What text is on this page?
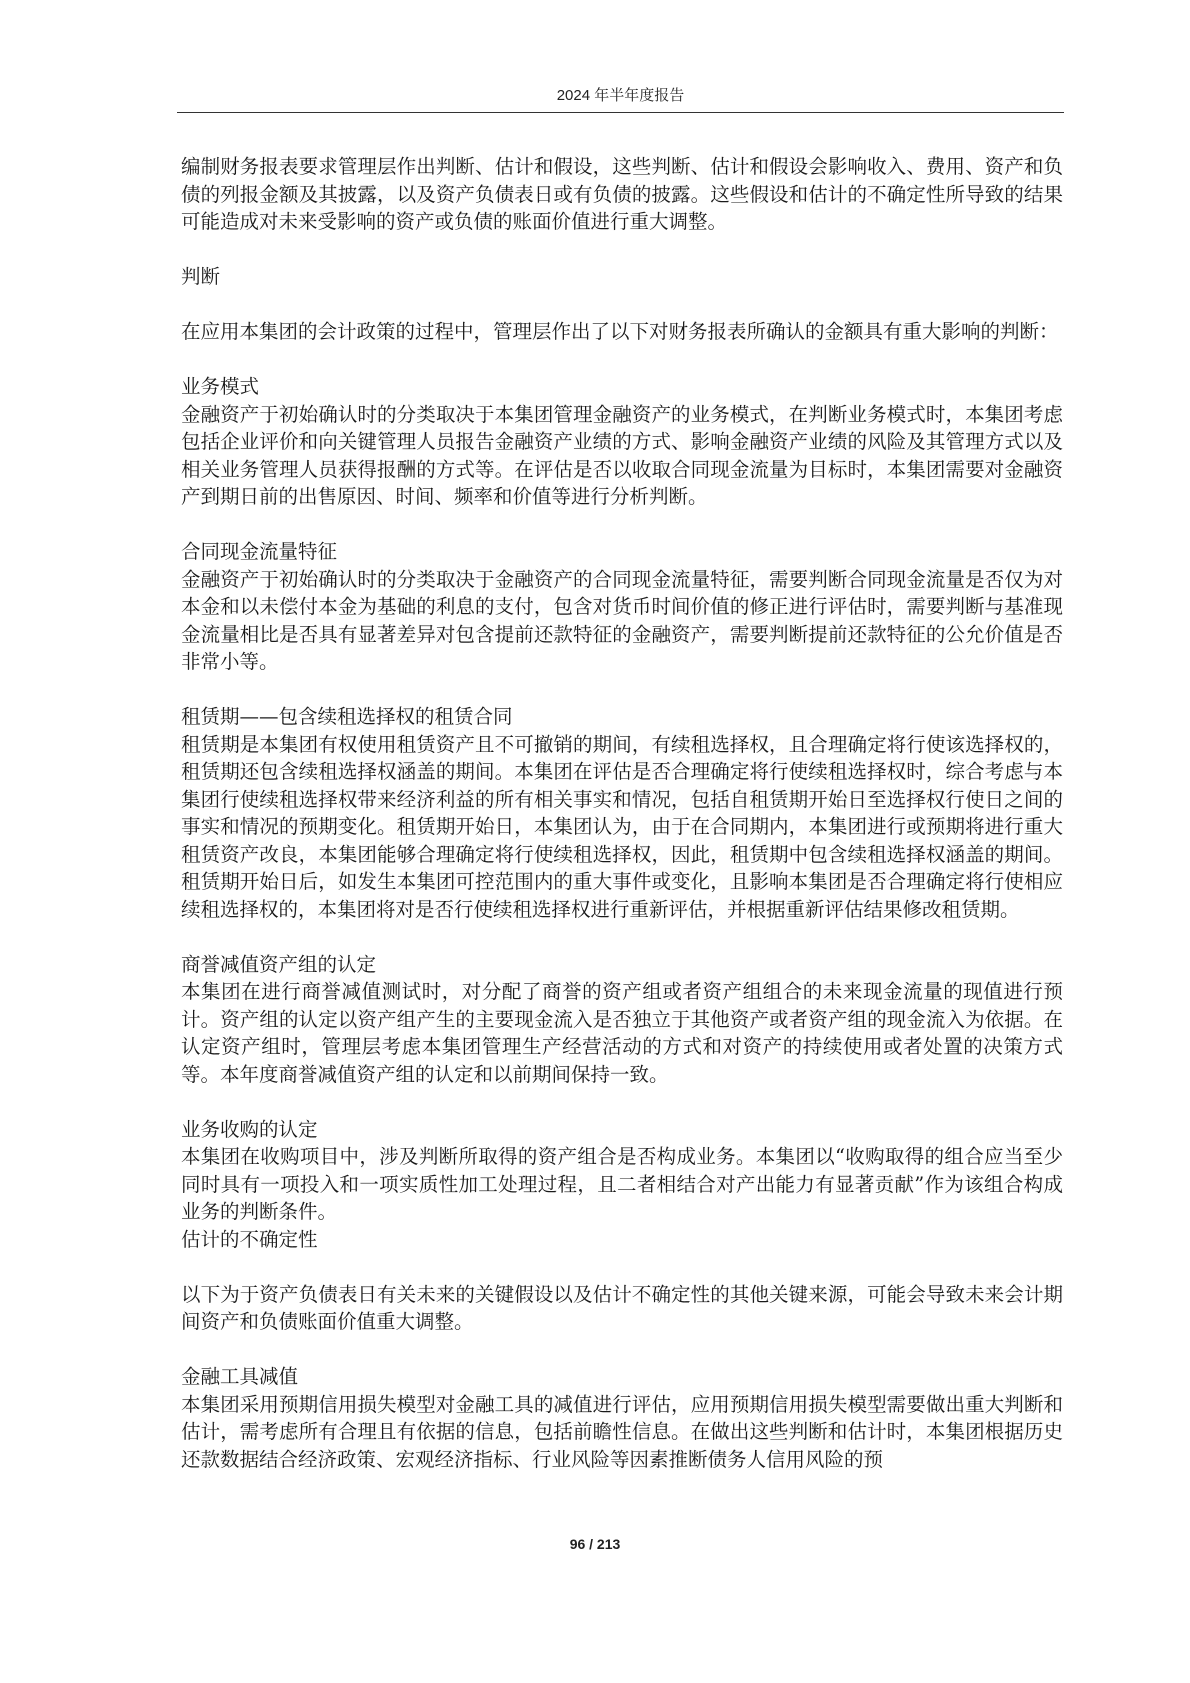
2024 年半年度报告

编制财务报表要求管理层作出判断、估计和假设，这些判断、估计和假设会影响收入、费用、资产和负债的列报金额及其披露，以及资产负债表日或有负债的披露。这些假设和估计的不确定性所导致的结果可能造成对未来受影响的资产或负债的账面价值进行重大调整。

判断

在应用本集团的会计政策的过程中，管理层作出了以下对财务报表所确认的金额具有重大影响的判断：

业务模式

金融资产于初始确认时的分类取决于本集团管理金融资产的业务模式，在判断业务模式时，本集团考虑包括企业评价和向关键管理人员报告金融资产业绩的方式、影响金融资产业绩的风险及其管理方式以及相关业务管理人员获得报酬的方式等。在评估是否以收取合同现金流量为目标时，本集团需要对金融资产到期日前的出售原因、时间、频率和价值等进行分析判断。

合同现金流量特征

金融资产于初始确认时的分类取决于金融资产的合同现金流量特征，需要判断合同现金流量是否仅为对本金和以未偿付本金为基础的利息的支付，包含对货币时间价值的修正进行评估时，需要判断与基准现金流量相比是否具有显著差异对包含提前还款特征的金融资产，需要判断提前还款特征的公允价值是否非常小等。

租赁期——包含续租选择权的租赁合同

租赁期是本集团有权使用租赁资产且不可撤销的期间，有续租选择权，且合理确定将行使该选择权的，租赁期还包含续租选择权涵盖的期间。本集团在评估是否合理确定将行使续租选择权时，综合考虑与本集团行使续租选择权带来经济利益的所有相关事实和情况，包括自租赁期开始日至选择权行使日之间的事实和情况的预期变化。租赁期开始日，本集团认为，由于在合同期内，本集团进行或预期将进行重大租赁资产改良，本集团能够合理确定将行使续租选择权，因此，租赁期中包含续租选择权涵盖的期间。租赁期开始日后，如发生本集团可控范围内的重大事件或变化，且影响本集团是否合理确定将行使相应续租选择权的，本集团将对是否行使续租选择权进行重新评估，并根据重新评估结果修改租赁期。

商誉减值资产组的认定

本集团在进行商誉减值测试时，对分配了商誉的资产组或者资产组组合的未来现金流量的现值进行预计。资产组的认定以资产组产生的主要现金流入是否独立于其他资产或者资产组的现金流入为依据。在认定资产组时，管理层考虑本集团管理生产经营活动的方式和对资产的持续使用或者处置的决策方式等。本年度商誉减值资产组的认定和以前期间保持一致。

业务收购的认定

本集团在收购项目中，涉及判断所取得的资产组合是否构成业务。本集团以“收购取得的组合应当至少同时具有一项投入和一项实质性加工处理过程，且二者相结合对产出能力有显著贡献”作为该组合构成业务的判断条件。

估计的不确定性

以下为于资产负债表日有关未来的关键假设以及估计不确定性的其他关键来源，可能会导致未来会计期间资产和负债账面价值重大调整。

金融工具减值

本集团采用预期信用损失模型对金融工具的减值进行评估，应用预期信用损失模型需要做出重大判断和估计，需考虑所有合理且有依据的信息，包括前瞻性信息。在做出这些判断和估计时，本集团根据历史还款数据结合经济政策、宏观经济指标、行业风险等因素推断债务人信用风险的预

96 / 213
